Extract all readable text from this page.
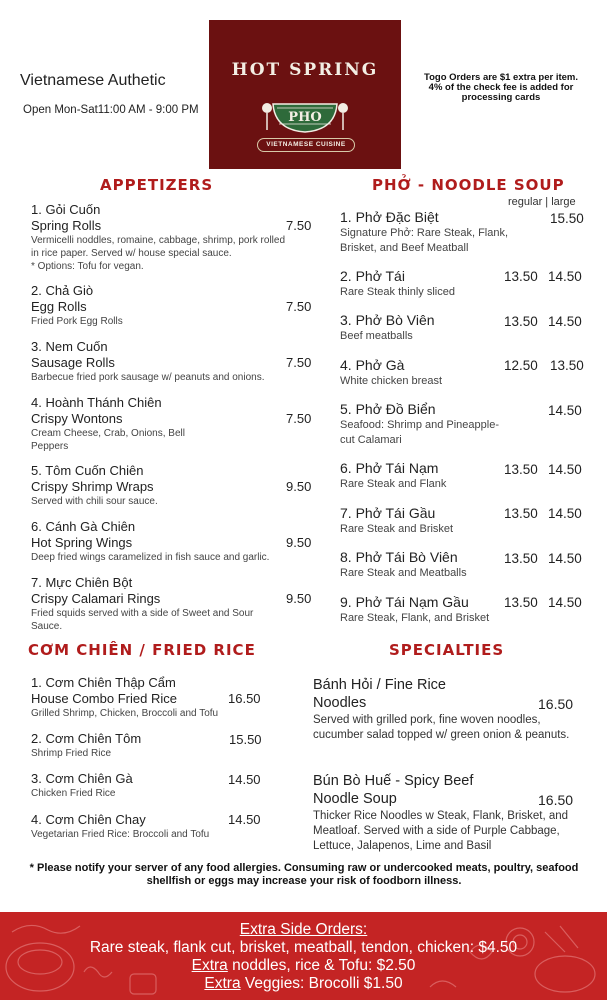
Vietnamese Authetic
Open Mon-Sat11:00 AM - 9:00 PM
HOT SPRING
PHO
VIETNAMESE CUISINE
Togo Orders are $1 extra per item.
4% of the check fee is added for processing cards
APPETIZERS
1. Gỏi Cuốn
Spring Rolls
Vermicelli noddles, romaine, cabbage, shrimp, pork rolled in rice paper. Served w/ house special sauce.
* Options: Tofu for vegan.
7.50
2. Chả Giò
Egg Rolls
Fried Pork Egg Rolls
7.50
3. Nem Cuốn
Sausage Rolls
Barbecue fried pork sausage w/ peanuts and onions.
7.50
4. Hoành Thánh Chiên
Crispy Wontons
Cream Cheese, Crab, Onions, Bell Peppers
7.50
5. Tôm Cuốn Chiên
Crispy Shrimp Wraps
Served with chili sour sauce.
9.50
6. Cánh Gà Chiên
Hot Spring Wings
Deep fried wings caramelized in fish sauce and garlic.
9.50
7. Mực Chiên Bột
Crispy Calamari Rings
Fried squids served with a side of Sweet and Sour Sauce.
9.50
PHỞ - NOODLE SOUP
regular | large
1. Phở Đặc Biệt
Signature Phở: Rare Steak, Flank, Brisket, and Beef Meatball
15.50
2. Phở Tái
Rare Steak thinly sliced
13.50 14.50
3. Phở Bò Viên
Beef meatballs
13.50 14.50
4. Phở Gà
White chicken breast
12.50 13.50
5. Phở Đồ Biển
Seafood: Shrimp and Pineapple-cut Calamari
14.50
6. Phở Tái Nạm
Rare Steak and Flank
13.50 14.50
7. Phở Tái Gầu
Rare Steak and Brisket
13.50 14.50
8. Phở Tái Bò Viên
Rare Steak and Meatballs
13.50 14.50
9. Phở Tái Nạm Gầu
Rare Steak, Flank, and Brisket
13.50 14.50
CƠM CHIÊN / FRIED RICE
1. Cơm Chiên Thập Cẩm
House Combo Fried Rice
Grilled Shrimp, Chicken, Broccoli and Tofu
16.50
2. Cơm Chiên Tôm
Shrimp Fried Rice
15.50
3. Cơm Chiên Gà
Chicken Fried Rice
14.50
4. Cơm Chiên Chay
Vegetarian Fried Rice: Broccoli and Tofu
14.50
SPECIALTIES
Bánh Hỏi / Fine Rice
Noodles
Served with grilled pork, fine woven noodles, cucumber salad topped w/ green onion & peanuts.
16.50
Bún Bò Huế - Spicy Beef
Noodle Soup
Thicker Rice Noodles w Steak, Flank, Brisket, and Meatloaf. Served with a side of Purple Cabbage, Lettuce, Jalapenos, Lime and Basil
16.50
* Please notify your server of any food allergies. Consuming raw or undercooked meats, poultry, seafood shellfish or eggs may increase your risk of foodborn illness.
Extra Side Orders:
Rare steak, flank cut, brisket, meatball, tendon, chicken: $4.50
Extra noddles, rice & Tofu: $2.50
Extra Veggies: Brocolli $1.50
